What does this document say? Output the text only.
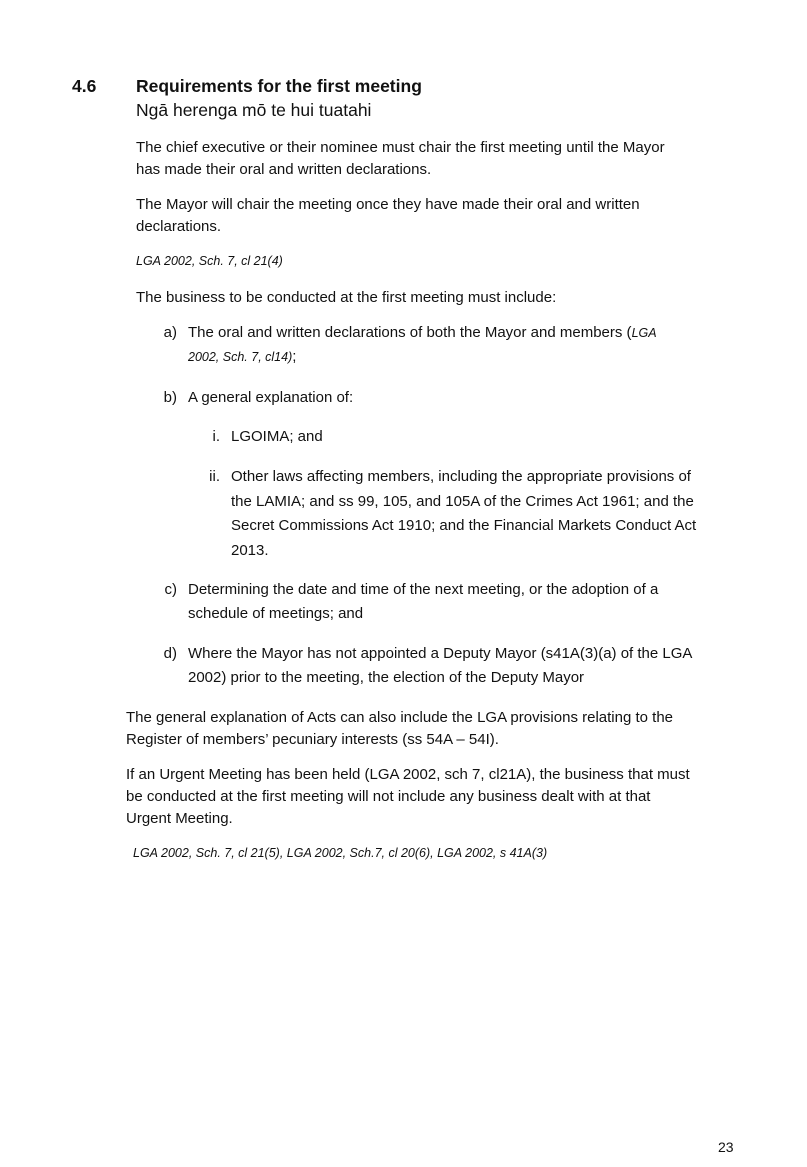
4.6 Requirements for the first meeting
Ngā herenga mō te hui tuatahi
The chief executive or their nominee must chair the first meeting until the Mayor
has made their oral and written declarations.
The Mayor will chair the meeting once they have made their oral and written
declarations.
LGA 2002, Sch. 7, cl 21(4)
The business to be conducted at the first meeting must include:
a) The oral and written declarations of both the Mayor and members (LGA
2002, Sch. 7, cl14);
b) A general explanation of:
i. LGOIMA; and
ii. Other laws affecting members, including the appropriate provisions of
the LAMIA; and ss 99, 105, and 105A of the Crimes Act 1961; and the
Secret Commissions Act 1910; and the Financial Markets Conduct Act
2013.
c) Determining the date and time of the next meeting, or the adoption of a
schedule of meetings; and
d) Where the Mayor has not appointed a Deputy Mayor (s41A(3)(a) of the LGA
2002) prior to the meeting, the election of the Deputy Mayor
The general explanation of Acts can also include the LGA provisions relating to the
Register of members’ pecuniary interests (ss 54A – 54I).
If an Urgent Meeting has been held (LGA 2002, sch 7, cl21A), the business that must
be conducted at the first meeting will not include any business dealt with at that
Urgent Meeting.
LGA 2002, Sch. 7, cl 21(5), LGA 2002, Sch.7, cl 20(6), LGA 2002, s 41A(3)
23
